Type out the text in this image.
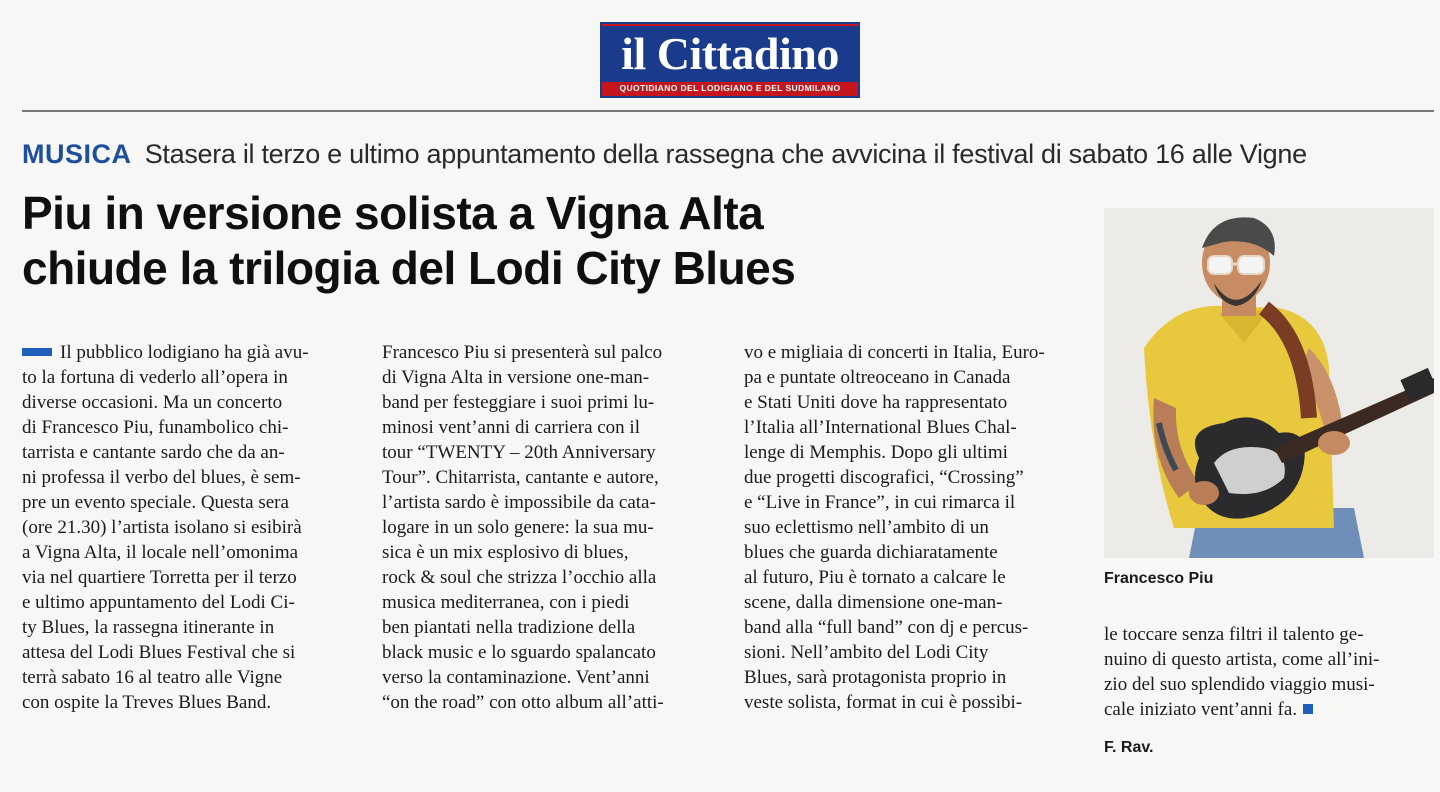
il Cittadino
QUOTIDIANO DEL LODIGIANO E DEL SUDMILANO
MUSICA Stasera il terzo e ultimo appuntamento della rassegna che avvicina il festival di sabato 16 alle Vigne
Piu in versione solista a Vigna Alta
chiude la trilogia del Lodi City Blues
Francesco Piu
Il pubblico lodigiano ha già avu-
to la fortuna di vederlo all’opera in
diverse occasioni. Ma un concerto
di Francesco Piu, funambolico chi-
tarrista e cantante sardo che da an-
ni professa il verbo del blues, è sem-
pre un evento speciale. Questa sera
(ore 21.30) l’artista isolano si esibirà
a Vigna Alta, il locale nell’omonima
via nel quartiere Torretta per il terzo
e ultimo appuntamento del Lodi Ci-
ty Blues, la rassegna itinerante in
attesa del Lodi Blues Festival che si
terrà sabato 16 al teatro alle Vigne
con ospite la Treves Blues Band.
Francesco Piu si presenterà sul palco
di Vigna Alta in versione one-man-
band per festeggiare i suoi primi lu-
minosi vent’anni di carriera con il
tour “TWENTY – 20th Anniversary
Tour”. Chitarrista, cantante e autore,
l’artista sardo è impossibile da cata-
logare in un solo genere: la sua mu-
sica è un mix esplosivo di blues,
rock & soul che strizza l’occhio alla
musica mediterranea, con i piedi
ben piantati nella tradizione della
black music e lo sguardo spalancato
verso la contaminazione. Vent’anni
“on the road” con otto album all’atti-
vo e migliaia di concerti in Italia, Euro-
pa e puntate oltreoceano in Canada
e Stati Uniti dove ha rappresentato
l’Italia all’International Blues Chal-
lenge di Memphis. Dopo gli ultimi
due progetti discografici, “Crossing”
e “Live in France”, in cui rimarca il
suo eclettismo nell’ambito di un
blues che guarda dichiaratamente
al futuro, Piu è tornato a calcare le
scene, dalla dimensione one-man-
band alla “full band” con dj e percus-
sioni. Nell’ambito del Lodi City
Blues, sarà protagonista proprio in
veste solista, format in cui è possibi-
le toccare senza filtri il talento ge-
nuino di questo artista, come all’ini-
zio del suo splendido viaggio musi-
cale iniziato vent’anni fa.
F. Rav.
